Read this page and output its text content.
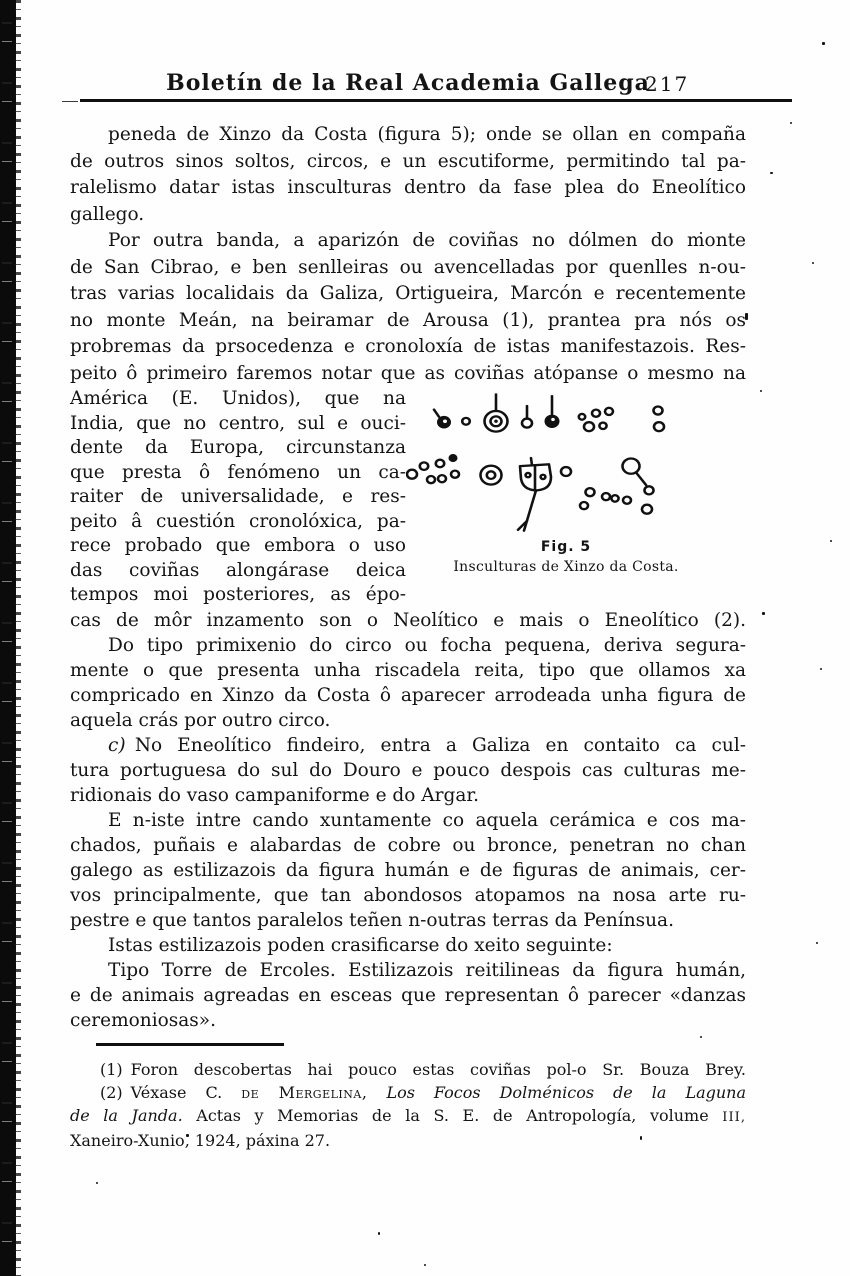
Boletín de la Real Academia Gallega
217
peneda de Xinzo da Costa (figura 5); onde se ollan en compaña
de outros sinos soltos, circos, e un escutiforme, permitindo tal pa-
ralelismo datar istas insculturas dentro da fase plea do Eneolítico
gallego.
Por outra banda, a aparizón de coviñas no dólmen do monte
de San Cibrao, e ben senlleiras ou avencelladas por quenlles n-ou-
tras varias localidais da Galiza, Ortigueira, Marcón e recentemente
no monte Meán, na beiramar de Arousa (1), prantea pra nós os
probremas da prsocedenza e cronoloxía de istas manifestazois. Res-
peito ô primeiro faremos notar que as coviñas atópanse o mesmo na
América (E. Unidos), que na
India, que no centro, sul e ouci-
dente da Europa, circunstanza
que presta ô fenómeno un ca-
raiter de universalidade, e res-
peito â cuestión cronolóxica, pa-
rece probado que embora o uso
das coviñas alongárase deica
tempos moi posteriores, as épo-
Fig. 5
Insculturas de Xinzo da Costa.
cas de môr inzamento son o Neolítico e mais o Eneolítico (2).
Do tipo primixenio do circo ou focha pequena, deriva segura-
mente o que presenta unha riscadela reita, tipo que ollamos xa
compricado en Xinzo da Costa ô aparecer arrodeada unha figura de
aquela crás por outro circo.
c) No Eneolítico findeiro, entra a Galiza en contaito ca cul-
tura portuguesa do sul do Douro e pouco despois cas culturas me-
ridionais do vaso campaniforme e do Argar.
E n-iste intre cando xuntamente co aquela cerámica e cos ma-
chados, puñais e alabardas de cobre ou bronce, penetran no chan
galego as estilizazois da figura humán e de figuras de animais, cer-
vos principalmente, que tan abondosos atopamos na nosa arte ru-
pestre e que tantos paralelos teñen n-outras terras da Penínsua.
Istas estilizazois poden crasificarse do xeito seguinte:
Tipo Torre de Ercoles. Estilizazois reitilineas da figura humán,
e de animais agreadas en esceas que representan ô parecer «danzas
ceremoniosas».
(1) Foron descobertas hai pouco estas coviñas pol-o Sr. Bouza Brey.
(2) Véxase C. de Mergelina, Los Focos Dolménicos de la Laguna
de la Janda. Actas y Memorias de la S. E. de Antropología, volume III,
Xaneiro-Xunio, 1924, páxina 27.
